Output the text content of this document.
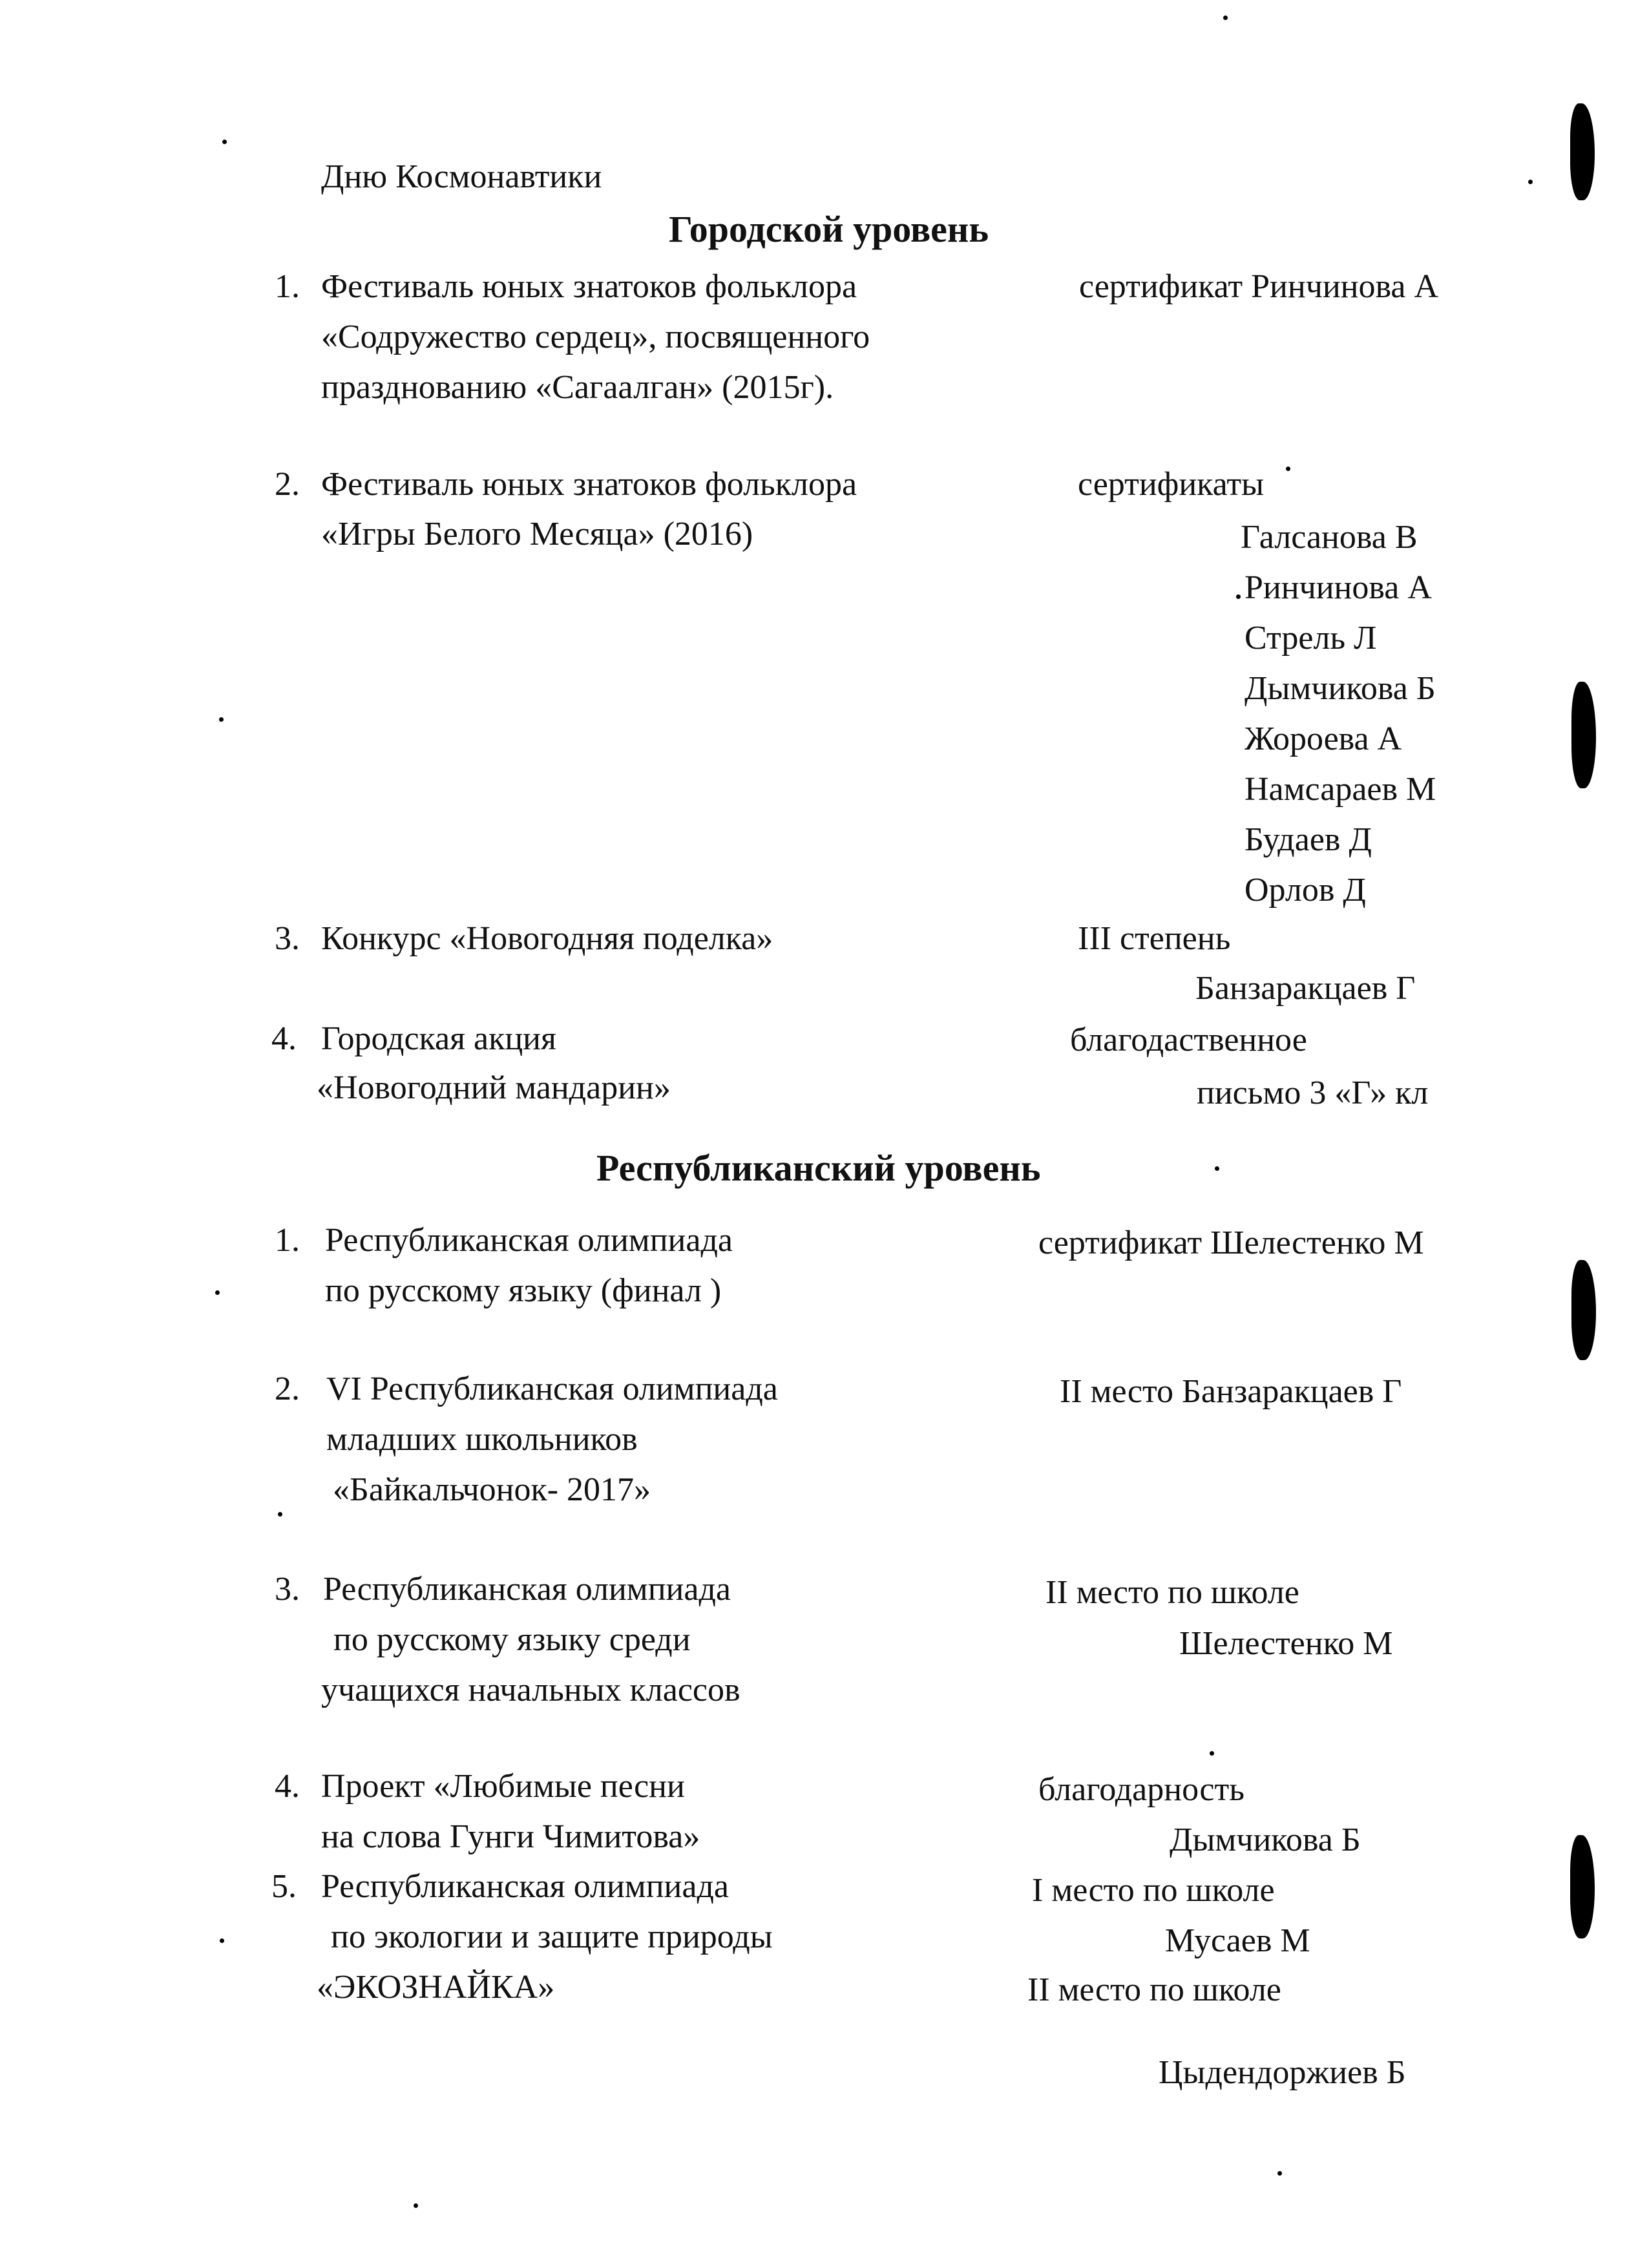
Дню Космонавтики
Городской уровень
1. Фестиваль юных знатоков фольклора
«Содружество сердец», посвященного
празднованию «Сагаалган» (2015г).
сертификат Ринчинова А
2. Фестиваль юных знатоков фольклора
«Игры Белого Месяца» (2016)
сертификаты
Галсанова В
Ринчинова А
Стрель Л
Дымчикова Б
Жороева А
Намсараев М
Будаев Д
Орлов Д
3. Конкурс «Новогодняя поделка»	III степень
Банзаракцаев Г
4. Городская акция
«Новогодний мандарин»
благодаственное
письмо 3 «Г» кл
Республиканский уровень
1. Республиканская олимпиада
по русскому языку (финал )
сертификат Шелестенко М
2. VI Республиканская олимпиада
младших школьников
«Байкальчонок- 2017»
II место Банзаракцаев Г
3. Республиканская олимпиада
по русскому языку среди
учащихся начальных классов
II место по школе
Шелестенко М
4. Проект «Любимые песни
на слова Гунги Чимитова»
благодарность
Дымчикова Б
5. Республиканская олимпиада
по экологии и защите природы
«ЭКОЗНАЙКА»
I место по школе
Мусаев М
II место по школе
Цыдендоржиев Б
